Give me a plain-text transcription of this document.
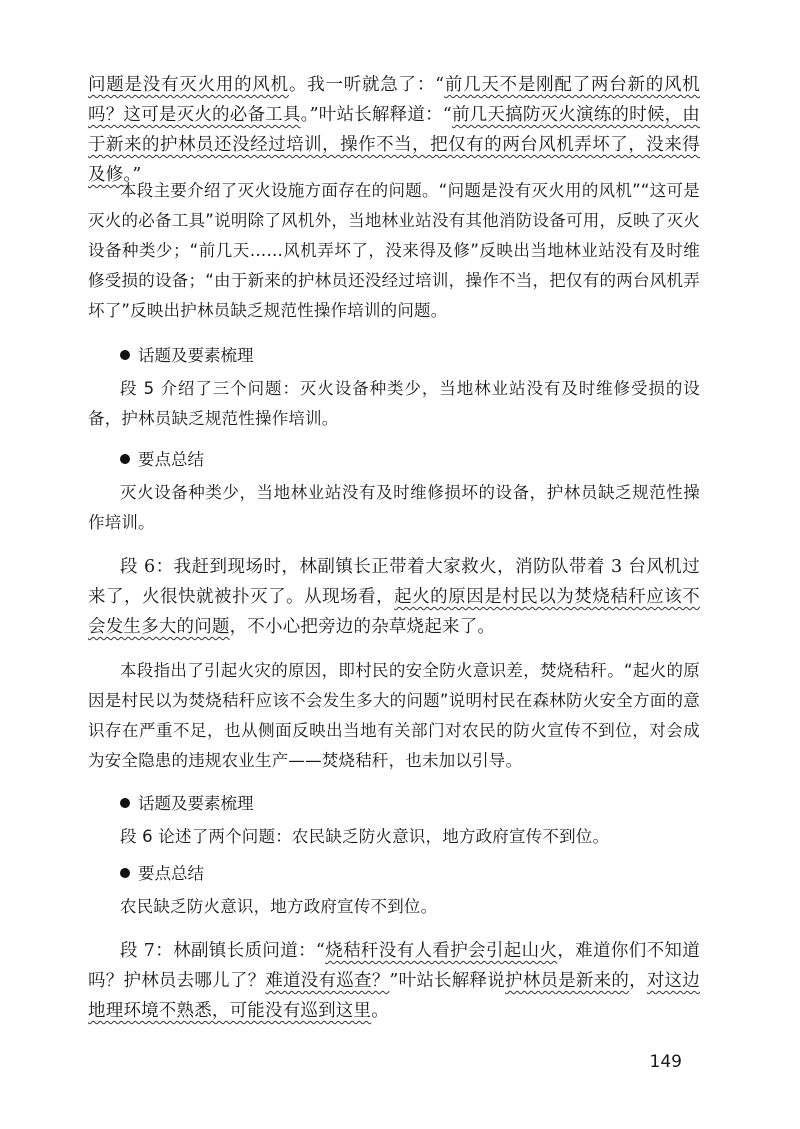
问题是没有灭火用的风机。我一听就急了：“前几天不是刚配了两台新的风机吗？这可是灭火的必备工具。”叶站长解释道：“前几天搞防灭火演练的时候，由于新来的护林员还没经过培训，操作不当，把仅有的两台风机弄坏了，没来得及修。”

本段主要介绍了灭火设施方面存在的问题。“问题是没有灭火用的风机”“这可是灭火的必备工具”说明除了风机外，当地林业站没有其他消防设备可用，反映了灭火设备种类少；“前几天……风机弄坏了，没来得及修”反映出当地林业站没有及时维修受损的设备；“由于新来的护林员还没经过培训，操作不当，把仅有的两台风机弄坏了”反映出护林员缺乏规范性操作培训的问题。

话题及要素梳理

段 5 介绍了三个问题：灭火设备种类少，当地林业站没有及时维修受损的设备，护林员缺乏规范性操作培训。

要点总结

灭火设备种类少，当地林业站没有及时维修损坏的设备，护林员缺乏规范性操作培训。

段 6：我赶到现场时，林副镇长正带着大家救火，消防队带着 3 台风机过来了，火很快就被扑灭了。从现场看，起火的原因是村民以为焚烧秸秆应该不会发生多大的问题，不小心把旁边的杂草烧起来了。

本段指出了引起火灾的原因，即村民的安全防火意识差，焚烧秸秆。“起火的原因是村民以为焚烧秸秆应该不会发生多大的问题”说明村民在森林防火安全方面的意识存在严重不足，也从侧面反映出当地有关部门对农民的防火宣传不到位，对会成为安全隐患的违规农业生产——焚烧秸秆，也未加以引导。

话题及要素梳理

段 6 论述了两个问题：农民缺乏防火意识，地方政府宣传不到位。

要点总结

农民缺乏防火意识，地方政府宣传不到位。

段 7：林副镇长质问道：“烧秸秆没有人看护会引起山火，难道你们不知道吗？护林员去哪儿了？难道没有巡查？”叶站长解释说护林员是新来的，对这边地理环境不熟悉，可能没有巡到这里。

149
